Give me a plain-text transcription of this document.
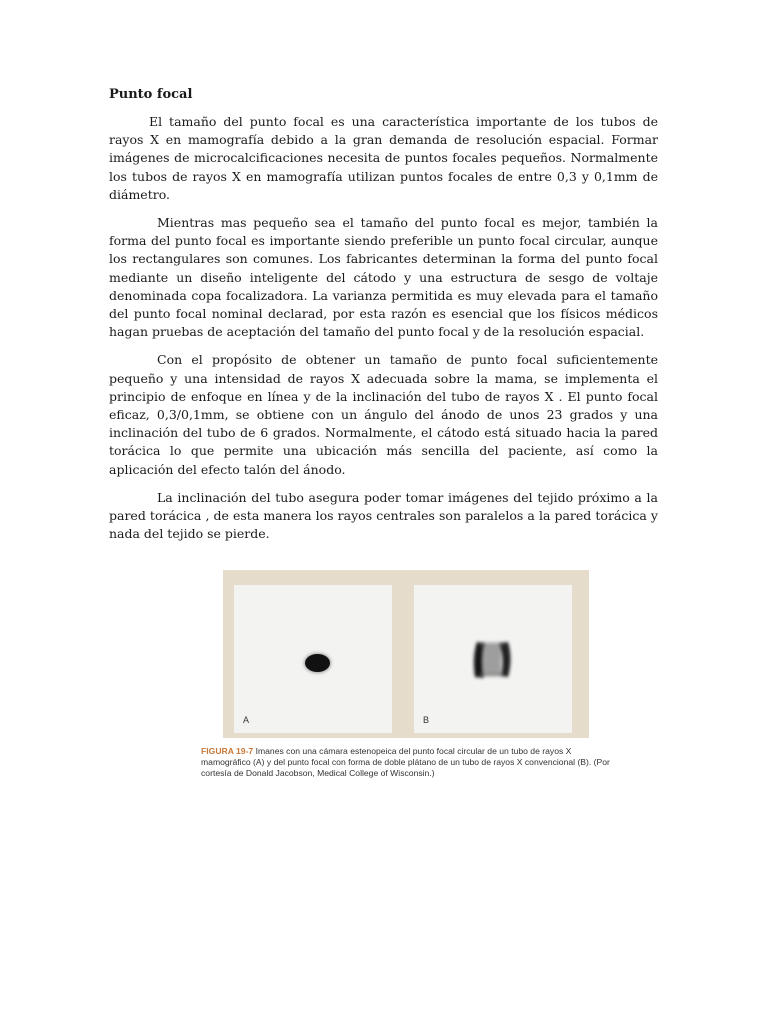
Punto focal

El tamaño del punto focal es una característica importante de los tubos de rayos X en mamografía debido a la gran demanda de resolución espacial. Formar imágenes de microcalcificaciones necesita de puntos focales pequeños. Normalmente los tubos de rayos X en mamografía utilizan puntos focales de entre 0,3 y 0,1mm de diámetro.

Mientras mas pequeño sea el tamaño del punto focal es mejor, también la forma del punto focal es importante siendo preferible un punto focal circular, aunque los rectangulares son comunes. Los fabricantes determinan la forma del punto focal mediante un diseño inteligente del cátodo y una estructura de sesgo de voltaje denominada copa focalizadora. La varianza permitida es muy elevada para el tamaño del punto focal nominal declarad, por esta razón es esencial que los físicos médicos hagan pruebas de aceptación del tamaño del punto focal y de la resolución espacial.

Con el propósito de obtener un tamaño de punto focal suficientemente pequeño y una intensidad de rayos X adecuada sobre la mama, se implementa el principio de enfoque en línea y de la inclinación del tubo de rayos X . El punto focal eficaz, 0,3/0,1mm, se obtiene con un ángulo del ánodo de unos 23 grados y una inclinación del tubo de 6 grados. Normalmente, el cátodo está situado hacia la pared torácica lo que permite una ubicación más sencilla del paciente, así como la aplicación del efecto talón del ánodo.

La inclinación del tubo asegura poder tomar imágenes del tejido próximo a la pared torácica , de esta manera los rayos centrales son paralelos a la pared torácica y nada del tejido se pierde.

A	B
FIGURA 19-7 Imanes con una cámara estenopeica del punto focal circular de un tubo de rayos X mamográfico (A) y del punto focal con forma de doble plátano de un tubo de rayos X convencional (B). (Por cortesía de Donald Jacobson, Medical College of Wisconsin.)
